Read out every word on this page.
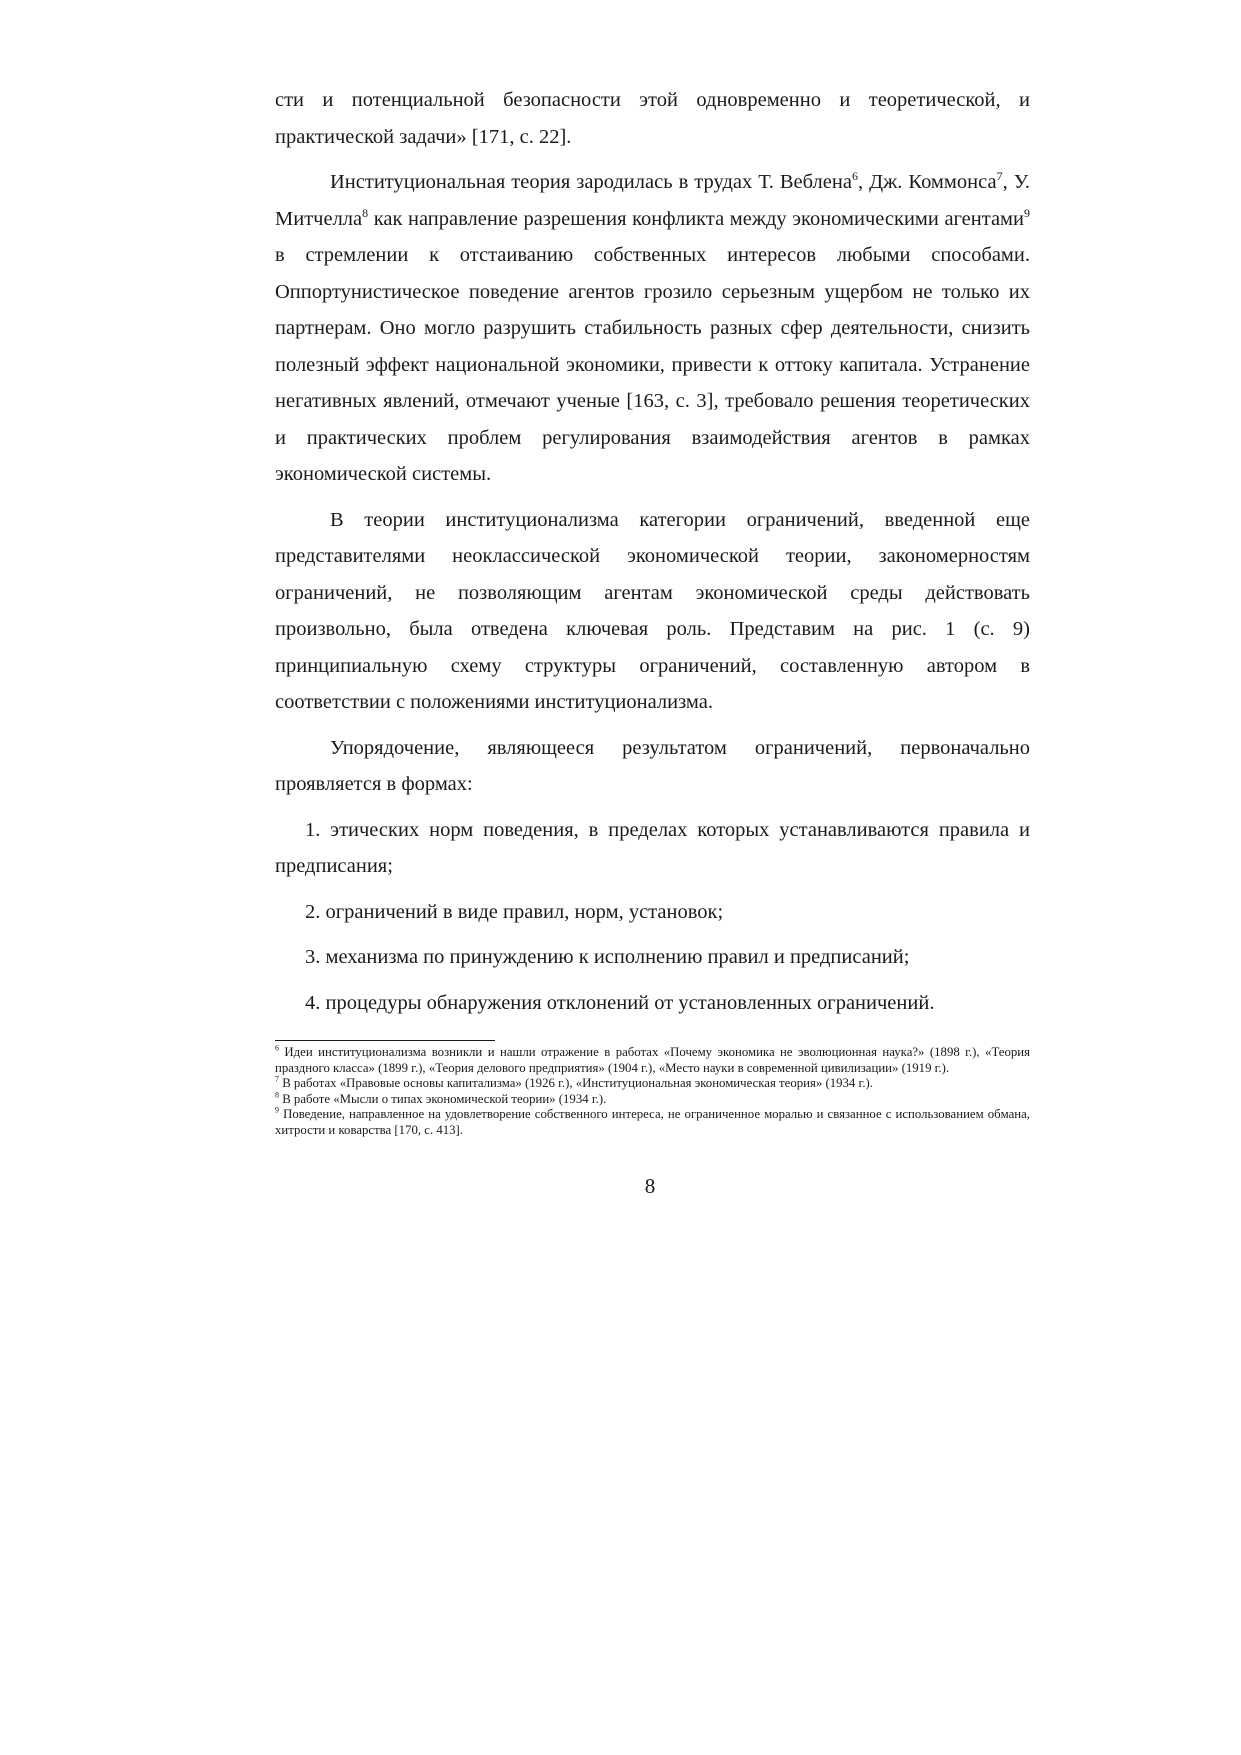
сти и потенциальной безопасности этой одновременно и теоретической, и практической задачи» [171, с. 22].

Институциональная теория зародилась в трудах Т. Веблена$^6$, Дж. Коммонса$^7$, У. Митчелла$^8$ как направление разрешения конфликта между экономическими агентами$^9$ в стремлении к отстаиванию собственных интересов любыми способами. Оппортунистическое поведение агентов грозило серьезным ущербом не только их партнерам. Оно могло разрушить стабильность разных сфер деятельности, снизить полезный эффект национальной экономики, привести к оттоку капитала. Устранение негативных явлений, отмечают ученые [163, с. 3], требовало решения теоретических и практических проблем регулирования взаимодействия агентов в рамках экономической системы.

В теории институционализма категории ограничений, введенной еще представителями неоклассической экономической теории, закономерностям ограничений, не позволяющим агентам экономической среды действовать произвольно, была отведена ключевая роль. Представим на рис. 1 (с. 9) принципиальную схему структуры ограничений, составленную автором в соответствии с положениями институционализма.

Упорядочение, являющееся результатом ограничений, первоначально проявляется в формах:

1. этических норм поведения, в пределах которых устанавливаются правила и предписания;

2. ограничений в виде правил, норм, установок;

3. механизма по принуждению к исполнению правил и предписаний;

4. процедуры обнаружения отклонений от установленных ограничений.

$^6$ Идеи институционализма возникли и нашли отражение в работах «Почему экономика не эволюционная наука?» (1898 г.), «Теория праздного класса» (1899 г.), «Теория делового предприятия» (1904 г.), «Место науки в современной цивилизации» (1919 г.).

$^7$ В работах «Правовые основы капитализма» (1926 г.), «Институциональная экономическая теория» (1934 г.).

$^8$ В работе «Мысли о типах экономической теории» (1934 г.).

$^9$ Поведение, направленное на удовлетворение собственного интереса, не ограниченное моралью и связанное с использованием обмана, хитрости и коварства [170, с. 413].

8
